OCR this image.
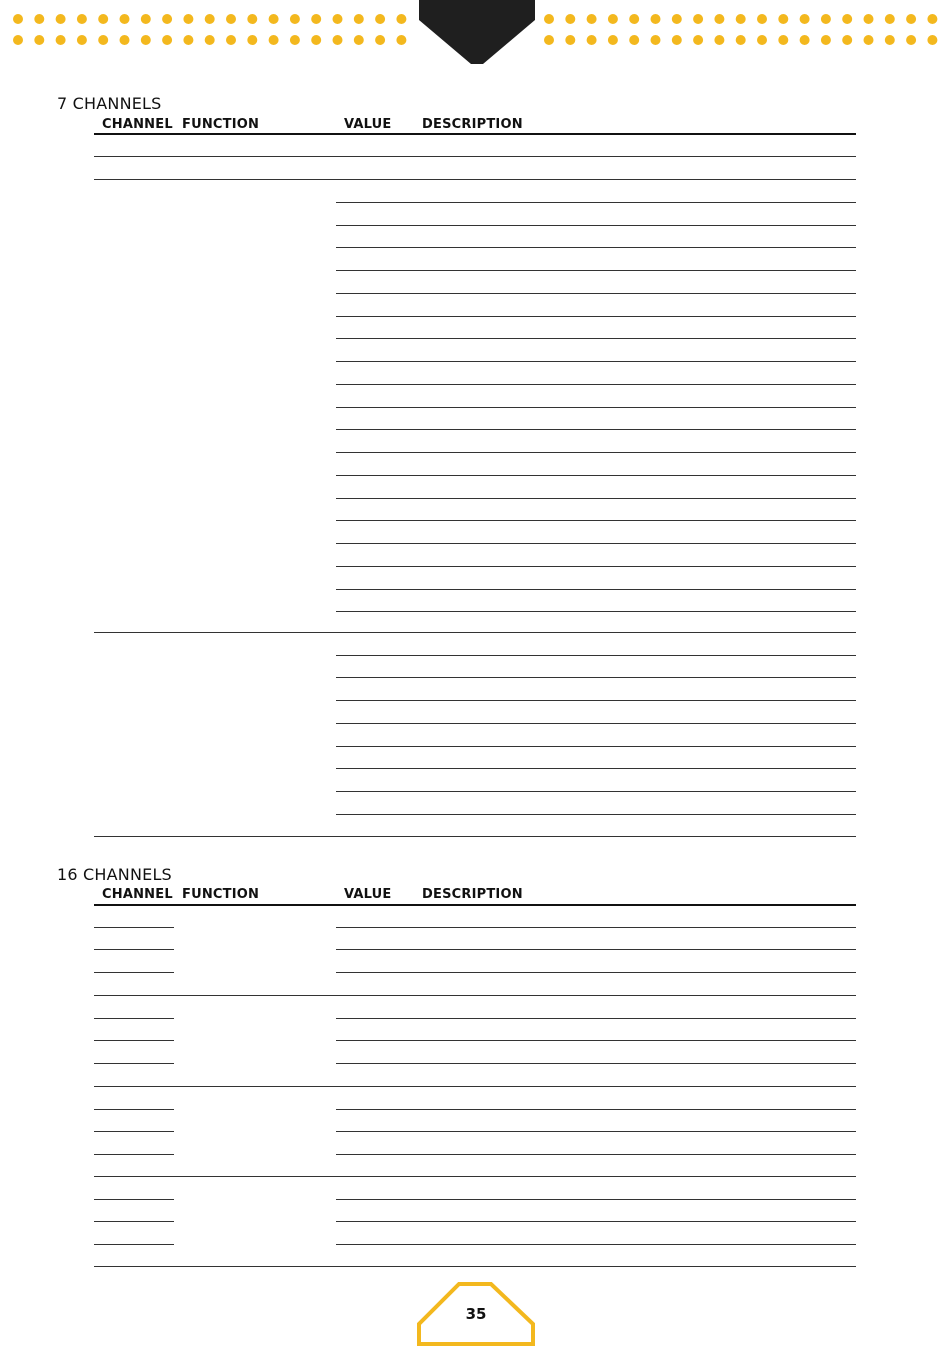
7 CHANNELS
CHANNEL FUNCTION	VALUE DESCRIPTION
16 CHANNELS
CHANNEL FUNCTION	VALUE DESCRIPTION
35
